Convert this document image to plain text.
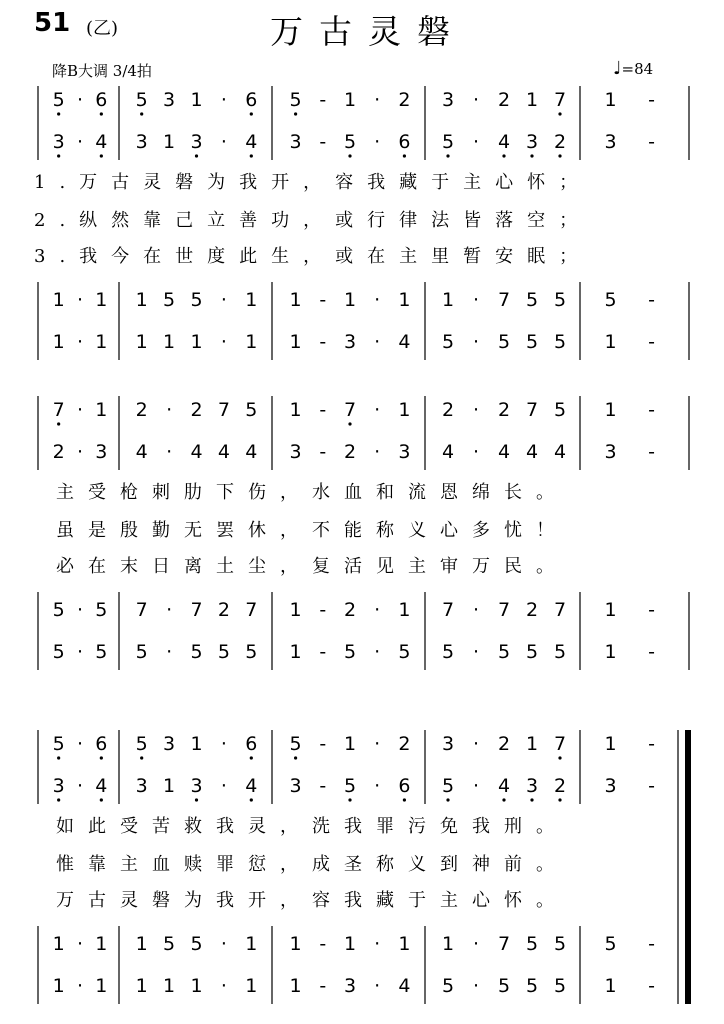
51 (乙)	万古灵磐
降B大调 3/4拍	♩=84
5 · 6 5 3 1 · 6 5 - 1 · 2 3 · 2 1 7 1 -
3 · 4 3 1 3 · 4 3 - 5 · 6 5 · 4 3 2 3 -
1 · 1 1 5 5 · 1 1 - 1 · 1 1 · 7 5 5 5 -
1 · 1 1 1 1 · 1 1 - 3 · 4 5 · 5 5 5 1 -
1.万古灵磐为我开，容我藏于主心怀；
2.纵然靠己立善功，或行律法皆落空；
3.我今在世度此生，或在主里暂安眠；
7 · 1 2 · 2 7 5 1 - 7 · 1 2 · 2 7 5 1 -
2 · 3 4 · 4 4 4 3 - 2 · 3 4 · 4 4 4 3 -
5 · 5 7 · 7 2 7 1 - 2 · 1 7 · 7 2 7 1 -
5 · 5 5 · 5 5 5 1 - 5 · 5 5 · 5 5 5 1 -
主受枪刺肋下伤，水血和流恩绵长。
虽是殷勤无罢休，不能称义心多忧！
必在末日离土尘，复活见主审万民。
5 · 6 5 3 1 · 6 5 - 1 · 2 3 · 2 1 7 1 -
3 · 4 3 1 3 · 4 3 - 5 · 6 5 · 4 3 2 3 -
1 · 1 1 5 5 · 1 1 - 1 · 1 1 · 7 5 5 5 -
1 · 1 1 1 1 · 1 1 - 3 · 4 5 · 5 5 5 1 -
如此受苦救我灵，洗我罪污免我刑。
惟靠主血赎罪愆，成圣称义到神前。
万古灵磐为我开，容我藏于主心怀。
